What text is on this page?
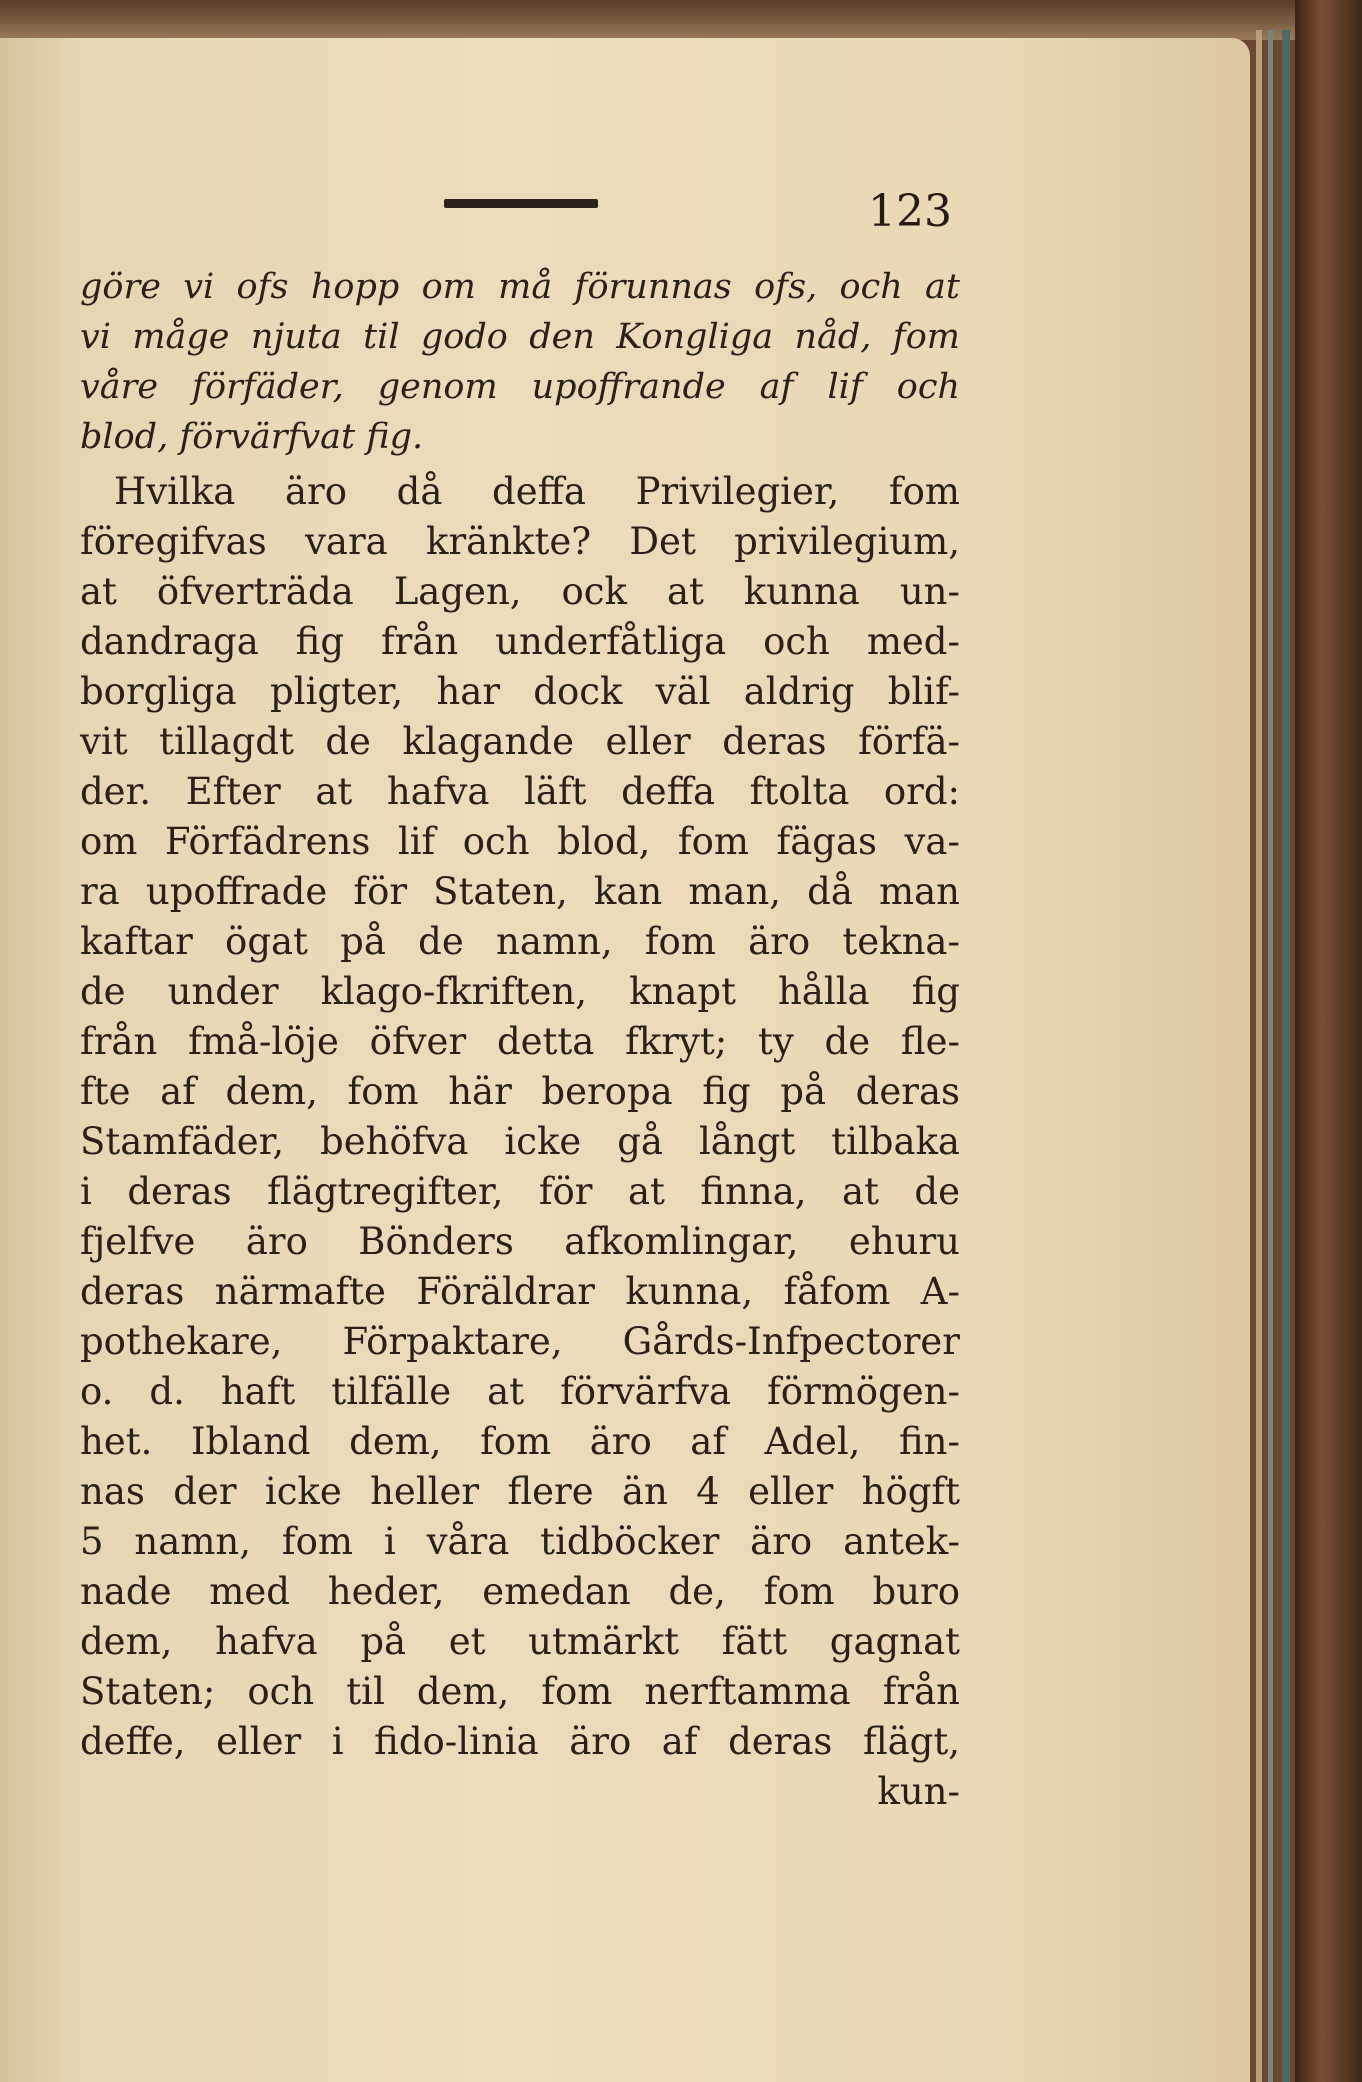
123
göre vi ofs hopp om må förunnas ofs, och at
vi måge njuta til godo den Kongliga nåd, fom
våre förfäder, genom upoffrande af lif och
blod, förvärfvat fig.
Hvilka äro då deffa Privilegier, fom
föregifvas vara kränkte? Det privilegium,
at öfverträda Lagen, ock at kunna un-
dandraga fig från underfåtliga och med-
borgliga pligter, har dock väl aldrig blif-
vit tillagdt de klagande eller deras förfä-
der. Efter at hafva läft deffa ftolta ord:
om Förfädrens lif och blod, fom fägas va-
ra upoffrade för Staten, kan man, då man
kaftar ögat på de namn, fom äro tekna-
de under klago-fkriften, knapt hålla fig
från fmå-löje öfver detta fkryt; ty de fle-
fte af dem, fom här beropa fig på deras
Stamfäder, behöfva icke gå långt tilbaka
i deras flägtregifter, för at finna, at de
fjelfve äro Bönders afkomlingar, ehuru
deras närmafte Föräldrar kunna, fåfom A-
pothekare, Förpaktare, Gårds-Infpectorer
o. d. haft tilfälle at förvärfva förmögen-
het. Ibland dem, fom äro af Adel, fin-
nas der icke heller flere än 4 eller högft
5 namn, fom i våra tidböcker äro antek-
nade med heder, emedan de, fom buro
dem, hafva på et utmärkt fätt gagnat
Staten; och til dem, fom nerftamma från
deffe, eller i fido-linia äro af deras flägt,
kun-
